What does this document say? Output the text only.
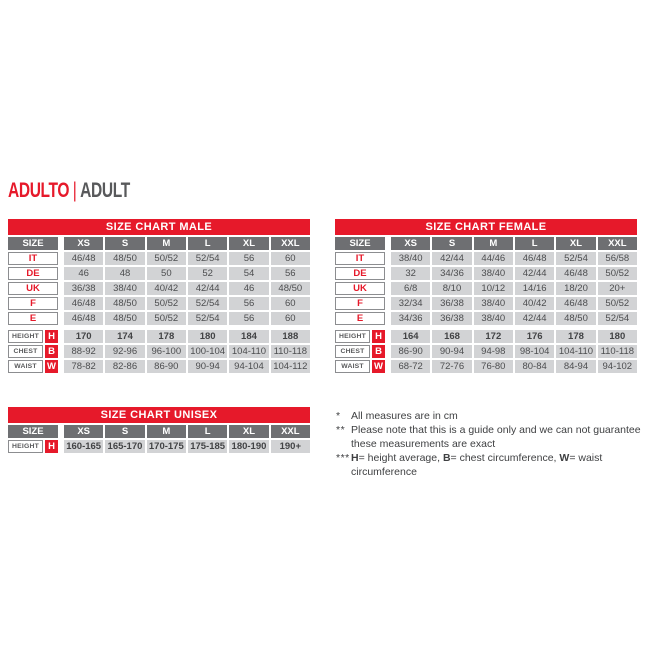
ADULTO | ADULT
SIZE CHART MALE
SIZE	XS	S	M	L	XL	XXL
IT	46/48	48/50	50/52	52/54	56	60
DE	46	48	50	52	54	56
UK	36/38	38/40	40/42	42/44	46	48/50
F	46/48	48/50	50/52	52/54	56	60
E	46/48	48/50	50/52	52/54	56	60
HEIGHT H	170	174	178	180	184	188
CHEST	B	88-92	92-96	96-100 100-104 104-110 110-118
WAIST	W	78-82	82-86	86-90	90-94	94-104 104-112
SIZE CHART FEMALE
SIZE	XS	S	M	L	XL	XXL
IT	38/40	42/44	44/46	46/48	52/54	56/58
DE	32	34/36	38/40	42/44	46/48	50/52
UK	6/8	8/10	10/12	14/16	18/20	20+
F	32/34	36/38	38/40	40/42	46/48	50/52
E	34/36	36/38	38/40	42/44	48/50	52/54
HEIGHT H	164	168	172	176	178	180
CHEST	B	86-90	90-94	94-98	98-104 104-110 110-118
WAIST	W	68-72	72-76	76-80	80-84	84-94	94-102
SIZE CHART UNISEX
SIZE	XS	S	M	L	XL	XXL
HEIGHT H	160-165 165-170 170-175 175-185 180-190	190+
* All measures are in cm
** Please note that this is a guide only and we can not guarantee
these measurements are exact
*** H= height average, B= chest circumference, W= waist circumference
